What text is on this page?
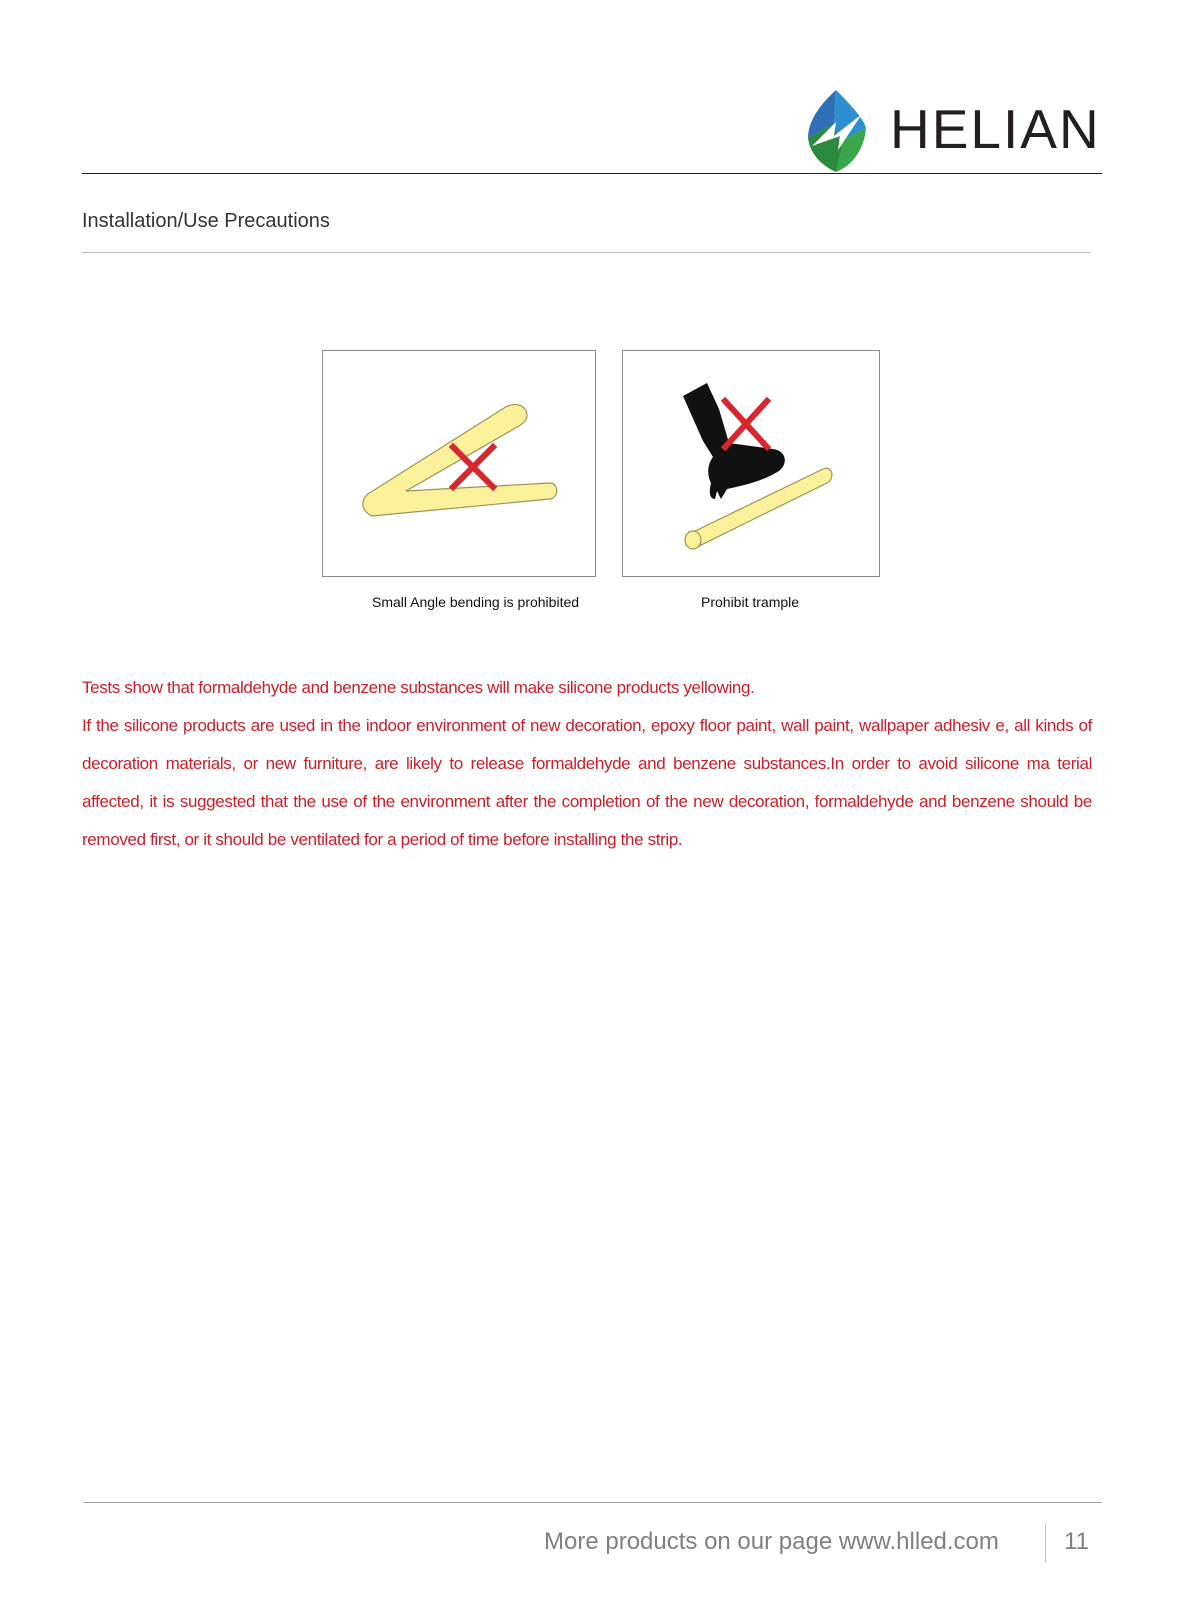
HELIAN
Installation/Use Precautions
Small Angle bending is prohibited	Prohibit trample

Tests show that formaldehyde and benzene substances will make silicone products yellowing.

If the silicone products are used in the indoor environment of new decoration, epoxy floor paint, wall paint, wallpaper adhesiv e, all kinds of decoration materials, or new furniture, are likely to release formaldehyde and benzene substances.In order to avoid silicone ma terial affected, it is suggested that the use of the environment after the completion of the new decoration, formaldehyde and benzene should be removed first, or it should be ventilated for a period of time before installing the strip.

More products on our page www.hlled.com	11
